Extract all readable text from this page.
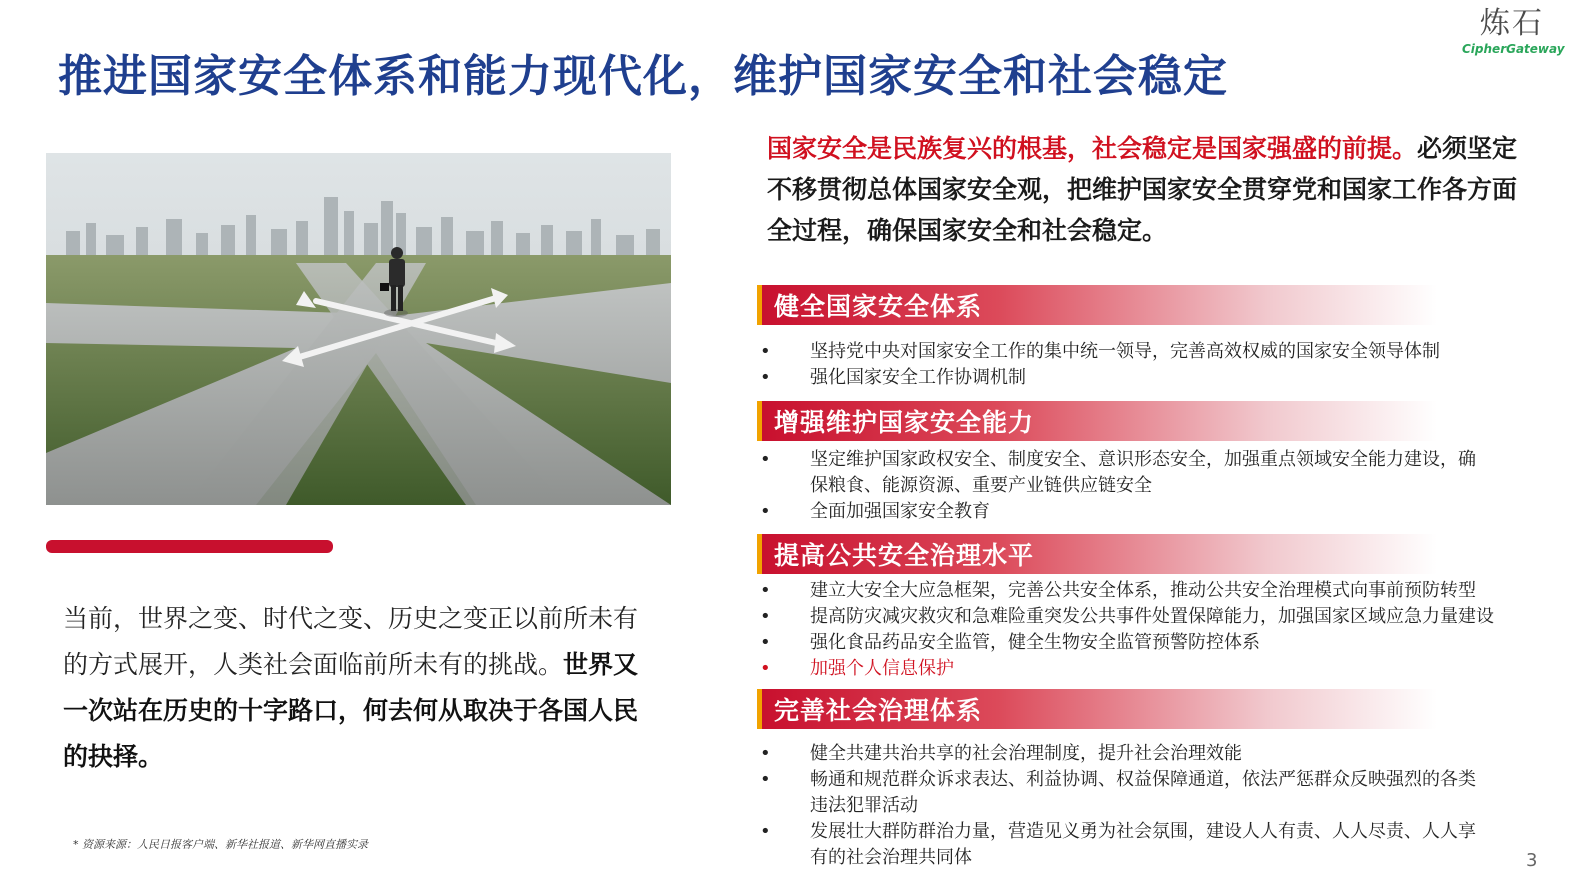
推进国家安全体系和能力现代化，维护国家安全和社会稳定
炼石
CipherGateway

当前，世界之变、时代之变、历史之变正以前所未有的方式展开，人类社会面临前所未有的挑战。世界又一次站在历史的十字路口，何去何从取决于各国人民的抉择。

* 资源来源：人民日报客户端、新华社报道、新华网直播实录

国家安全是民族复兴的根基，社会稳定是国家强盛的前提。必须坚定不移贯彻总体国家安全观，把维护国家安全贯穿党和国家工作各方面全过程，确保国家安全和社会稳定。

健全国家安全体系
• 坚持党中央对国家安全工作的集中统一领导，完善高效权威的国家安全领导体制
• 强化国家安全工作协调机制
增强维护国家安全能力
• 坚定维护国家政权安全、制度安全、意识形态安全，加强重点领域安全能力建设，确保粮食、能源资源、重要产业链供应链安全
• 全面加强国家安全教育
提高公共安全治理水平
• 建立大安全大应急框架，完善公共安全体系，推动公共安全治理模式向事前预防转型
• 提高防灾减灾救灾和急难险重突发公共事件处置保障能力，加强国家区域应急力量建设
• 强化食品药品安全监管，健全生物安全监管预警防控体系
• 加强个人信息保护
完善社会治理体系
• 健全共建共治共享的社会治理制度，提升社会治理效能
• 畅通和规范群众诉求表达、利益协调、权益保障通道，依法严惩群众反映强烈的各类违法犯罪活动
• 发展壮大群防群治力量，营造见义勇为社会氛围，建设人人有责、人人尽责、人人享有的社会治理共同体	3
